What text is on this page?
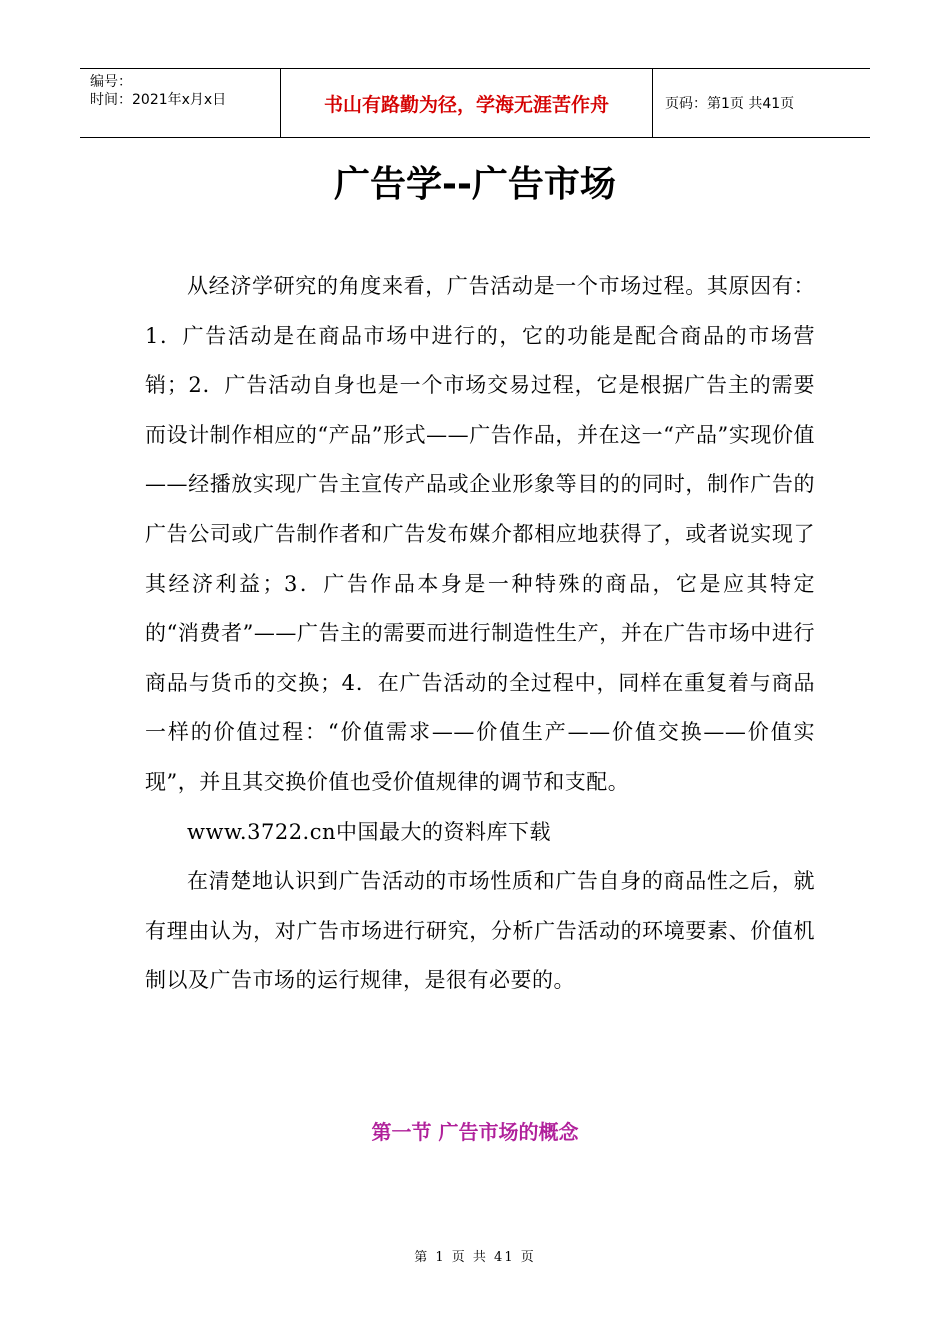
编号：
时间：2021年x月x日	书山有路勤为径，学海无涯苦作舟	页码：第1页 共41页
广告学--广告市场

从经济学研究的角度来看，广告活动是一个市场过程。其原因有：1．广告活动是在商品市场中进行的，它的功能是配合商品的市场营销；2．广告活动自身也是一个市场交易过程，它是根据广告主的需要而设计制作相应的“产品”形式——广告作品，并在这一“产品”实现价值——经播放实现广告主宣传产品或企业形象等目的的同时，制作广告的广告公司或广告制作者和广告发布媒介都相应地获得了，或者说实现了其经济利益；3．广告作品本身是一种特殊的商品，它是应其特定的“消费者”——广告主的需要而进行制造性生产，并在广告市场中进行商品与货币的交换；4．在广告活动的全过程中，同样在重复着与商品一样的价值过程：“价值需求——价值生产——价值交换——价值实现”，并且其交换价值也受价值规律的调节和支配。

www.3722.cn中国最大的资料库下载

在清楚地认识到广告活动的市场性质和广告自身的商品性之后，就有理由认为，对广告市场进行研究，分析广告活动的环境要素、价值机制以及广告市场的运行规律，是很有必要的。

第一节 广告市场的概念
第 1 页 共 41 页
